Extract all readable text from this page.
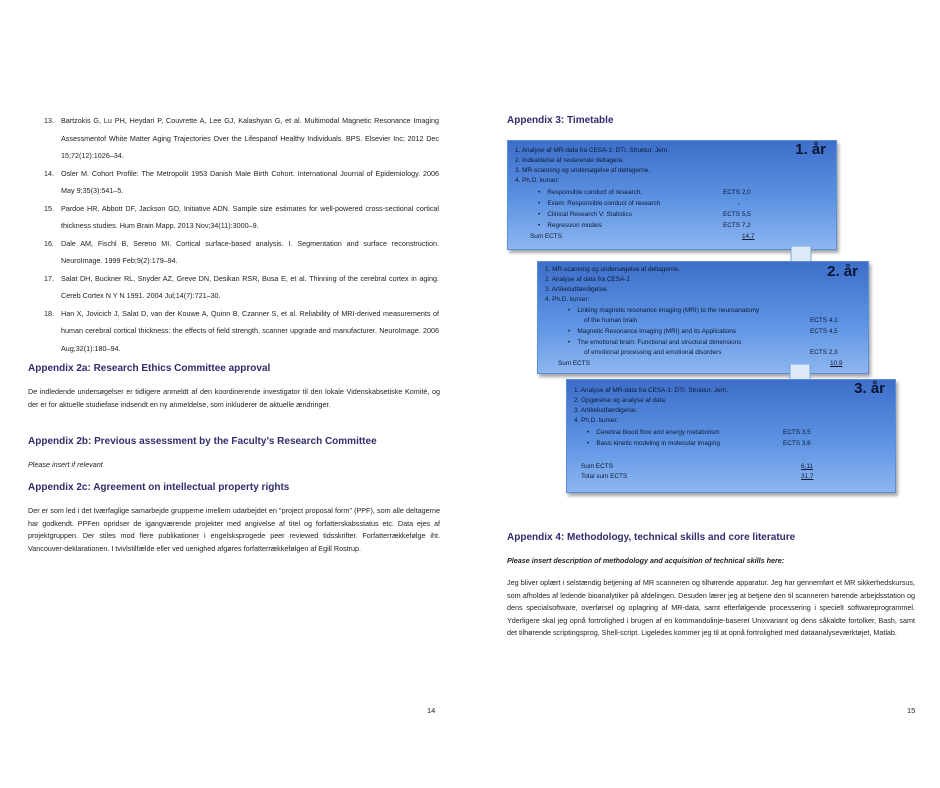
13. Bartzokis G, Lu PH, Heydari P, Couvrette A, Lee GJ, Kalashyan G, et al. Multimodal Magnetic Resonance Imaging Assessmentof White Matter Aging Trajectories Over the Lifespanof Healthy Individuals. BPS. Elsevier Inc; 2012 Dec 15;72(12):1026–34.
14. Osler M. Cohort Profile: The Metropolit 1953 Danish Male Birth Cohort. International Journal of Epidemiology. 2006 May 9;35(3):541–5.
15. Pardoe HR, Abbott DF, Jackson GD, Initiative ADN. Sample size estimates for well-powered cross-sectional cortical thickness studies. Hum Brain Mapp. 2013 Nov;34(11):3000–9.
16. Dale AM, Fischl B, Sereno MI. Cortical surface-based analysis. I. Segmentation and surface reconstruction. NeuroImage. 1999 Feb;9(2):179–94.
17. Salat DH, Buckner RL, Snyder AZ, Greve DN, Desikan RSR, Busa E, et al. Thinning of the cerebral cortex in aging. Cereb Cortex N Y N 1991. 2004 Jul;14(7):721–30.
18. Han X, Jovicich J, Salat D, van der Kouwe A, Quinn B, Czanner S, et al. Reliability of MRI-derived measurements of human cerebral cortical thickness: the effects of field strength, scanner upgrade and manufacturer. NeuroImage. 2006 Aug;32(1):180–94.
Appendix 2a: Research Ethics Committee approval
De indledende undersøgelser er tidligere anmeldt af den koordinerende investigator til den lokale Videnskabsetiske Komité, og der er for aktuelle studiefase indsendt en ny anmeldelse, som inkluderer de aktuelle ændringer.
Appendix 2b: Previous assessment by the Faculty’s Research Committee
Please insert if relevant
Appendix 2c: Agreement on intellectual property rights
Der er som led i det tværfaglige samarbejde grupperne imellem udarbejdet en "project proposal form" (PPF), som alle deltagerne har godkendt. PPFen opridser de igangværende projekter med angivelse af titel og forfatterskabsstatus etc. Data ejes af projektgruppen. Der stiles mod flere publikationer i engelsksprogede peer reviewed tidsskrifter. Forfatterrækkefølge iht. Vancouver-deklarationen. I tvivlstilfælde eller ved uenighed afgøres forfatterrækkefølgen af Egill Rostrup.
14
Appendix 3: Timetable
1. år
1. Analyse af MR-data fra CESA-1: DTI, Struktur, Jern.
2. Indkaldelse af resterende deltagere.
3. MR-scanning og undersøgelse af deltagerne.
4. Ph.D. kurser:
•    Responsible conduct of research,	ECTS 2,0
•    Exam: Responsible conduct of research	-
•    Clinical Research V: Statistics	ECTS 5,5
•    Regression models	ECTS 7,2
Sum ECTS	14,7
2. år
1. MR-scanning og undersøgelse af deltagerne.
2. Analyse af data fra CESA-1
3. Artikeludfærdigelse.
4. Ph.D. kurser:
•    Linking magnetic resonance imaging (MRI) to the neuroanatomy
of the human brain	ECTS 4,1
•    Magnetic Resonance Imaging (MRI) and its Applications	ECTS 4,5
•    The emotional brain: Functional and structural dimensions
of emotional processing and emotional disorders	ECTS 2,3
Sum ECTS	10,9
3. år
1. Analyse af MR-data fra CESA-1: DTI, Struktur, Jern.
2. Opgørelse og analyse af data.
3. Artikeludfærdigelse.
4. Ph.D. kurser:
•    Cerebral blood flow and energy metabolism	ECTS 3,5
•    Basic kinetic modeling in molecular imaging	ECTS 3,6
Sum ECTS	6,11
Total sum ECTS	31,7
Appendix 4: Methodology, technical skills and core literature
Please insert description of methodology and acquisition of technical skills here:
Jeg bliver oplært i selstændig betjening af MR scanneren og tilhørende apparatur. Jeg har gennemført et MR sikkerhedskursus, som afholdes af ledende bioanalytiker på afdelingen. Desuden lærer jeg at betjene den til scanneren hørende arbejdsstation og dens specialsoftware, overførsel og oplagring af MR-data, samt efterfølgende processering i specielt softwareprogrammel. Yderligere skal jeg opnå fortrolighed i brugen af en kommandolinje-baseret Unixvariant og dens såkaldte fortolker, Bash, samt det tilhørende scriptingsprog, Shell-script. Ligeledes kommer jeg til at opnå fortrolighed med dataanalyseværktøjet, Matlab.
15
